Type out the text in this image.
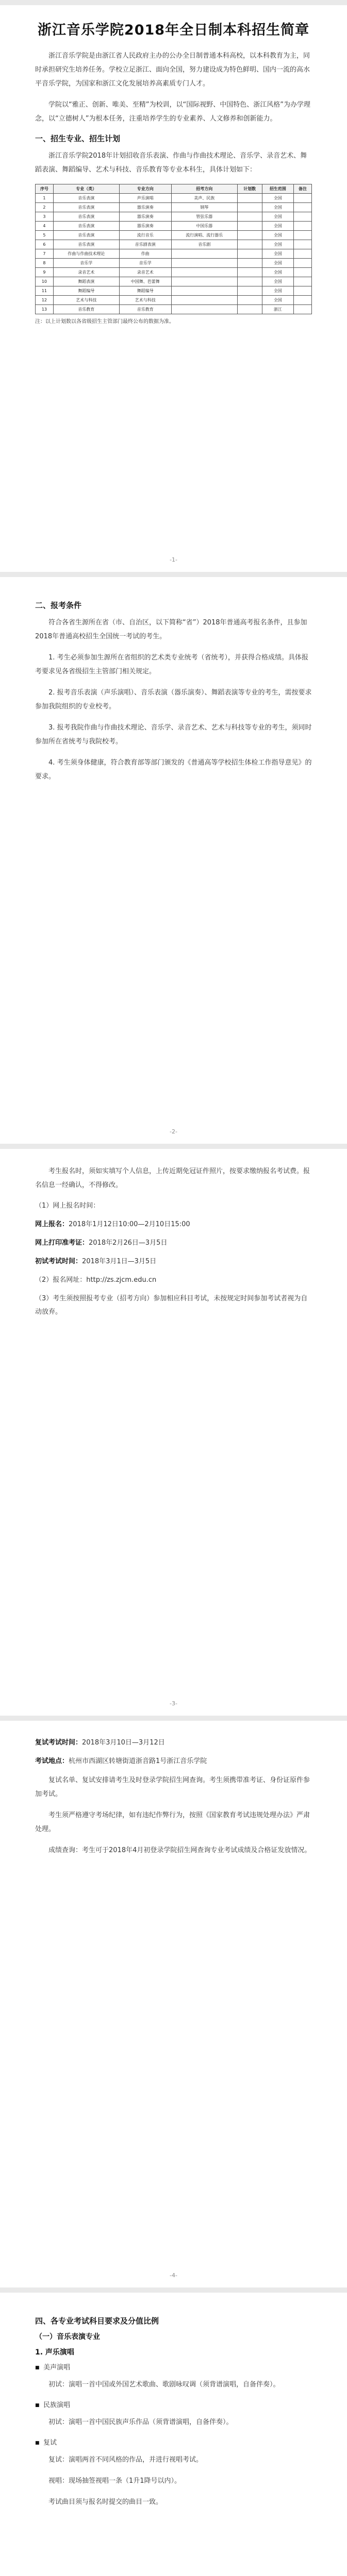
浙江音乐学院2018年全日制本科招生简章

浙江音乐学院是由浙江省人民政府主办的公办全日制普通本科高校，以本科教育为主，同时承担研究生培养任务。学校立足浙江、面向全国，努力建设成为特色鲜明、国内一流的高水平音乐学院，为国家和浙江文化发展培养高素质专门人才。

学院以“雅正、创新、唯美、至精”为校训，以“国际视野、中国特色、浙江风格”为办学理念，以“立德树人”为根本任务，注重培养学生的专业素养、人文修养和创新能力。

一、招生专业、招生计划

浙江音乐学院2018年计划招收音乐表演、作曲与作曲技术理论、音乐学、录音艺术、舞蹈表演、舞蹈编导、艺术与科技、音乐教育等专业本科生，具体计划如下：

序号	专业（类）	专业方向	招考方向	计划数	招生范围	备注
1	音乐表演	声乐演唱	美声、民族		全国	
2	音乐表演	器乐演奏	钢琴		全国	
3	音乐表演	器乐演奏	管弦乐器		全国	
4	音乐表演	器乐演奏	中国乐器		全国	
5	音乐表演	流行音乐	流行演唱、流行器乐		全国	
6	音乐表演	音乐剧表演	音乐剧		全国	
7	作曲与作曲技术理论	作曲			全国	
8	音乐学	音乐学			全国	
9	录音艺术	录音艺术			全国	
10	舞蹈表演	中国舞、芭蕾舞			全国	
11	舞蹈编导	舞蹈编导			全国	
12	艺术与科技	艺术与科技			全国	
13	音乐教育	音乐教育			浙江	
注：以上计划数以各省级招生主管部门最终公布的数据为准。
-1-
二、报考条件

符合各省生源所在省（市、自治区，以下简称“省”）2018年普通高考报名条件，且参加2018年普通高校招生全国统一考试的考生。

1. 考生必须参加生源所在省组织的艺术类专业统考（省统考），并获得合格成绩。具体报考要求见各省级招生主管部门相关规定。

2. 报考音乐表演（声乐演唱）、音乐表演（器乐演奏）、舞蹈表演等专业的考生，需按要求参加我院组织的专业校考。

3. 报考我院作曲与作曲技术理论、音乐学、录音艺术、艺术与科技等专业的考生，须同时参加所在省统考与我院校考。

4. 考生须身体健康，符合教育部等部门颁发的《普通高等学校招生体检工作指导意见》的要求。

-2-

考生报名时，须如实填写个人信息，上传近期免冠证件照片，按要求缴纳报名考试费。报名信息一经确认，不得修改。

（1）网上报名时间：

网上报名：2018年1月12日10:00—2月10日15:00

网上打印准考证：2018年2月26日—3月5日

初试考试时间：2018年3月1日—3月5日

（2）报名网址：http://zs.zjcm.edu.cn

（3）考生须按照报考专业（招考方向）参加相应科目考试，未按规定时间参加考试者视为自动放弃。

-3-

复试考试时间：2018年3月10日—3月12日

考试地点：杭州市西湖区转塘街道浙音路1号浙江音乐学院

复试名单、复试安排请考生及时登录学院招生网查询。考生须携带准考证、身份证原件参加考试。

考生须严格遵守考场纪律，如有违纪作弊行为，按照《国家教育考试违规处理办法》严肃处理。

成绩查询：考生可于2018年4月初登录学院招生网查询专业考试成绩及合格证发放情况。

-4-
四、各专业考试科目要求及分值比例
（一）音乐表演专业
1. 声乐演唱
■ 美声演唱

初试：演唱一首中国或外国艺术歌曲、歌剧咏叹调（须背谱演唱，自备伴奏）。

■ 民族演唱

初试：演唱一首中国民族声乐作品（须背谱演唱，自备伴奏）。

■ 复试

复试：演唱两首不同风格的作品，并进行视唱考试。

视唱：现场抽签视唱一条（1升1降号以内）。

考试曲目须与报名时提交的曲目一致。
